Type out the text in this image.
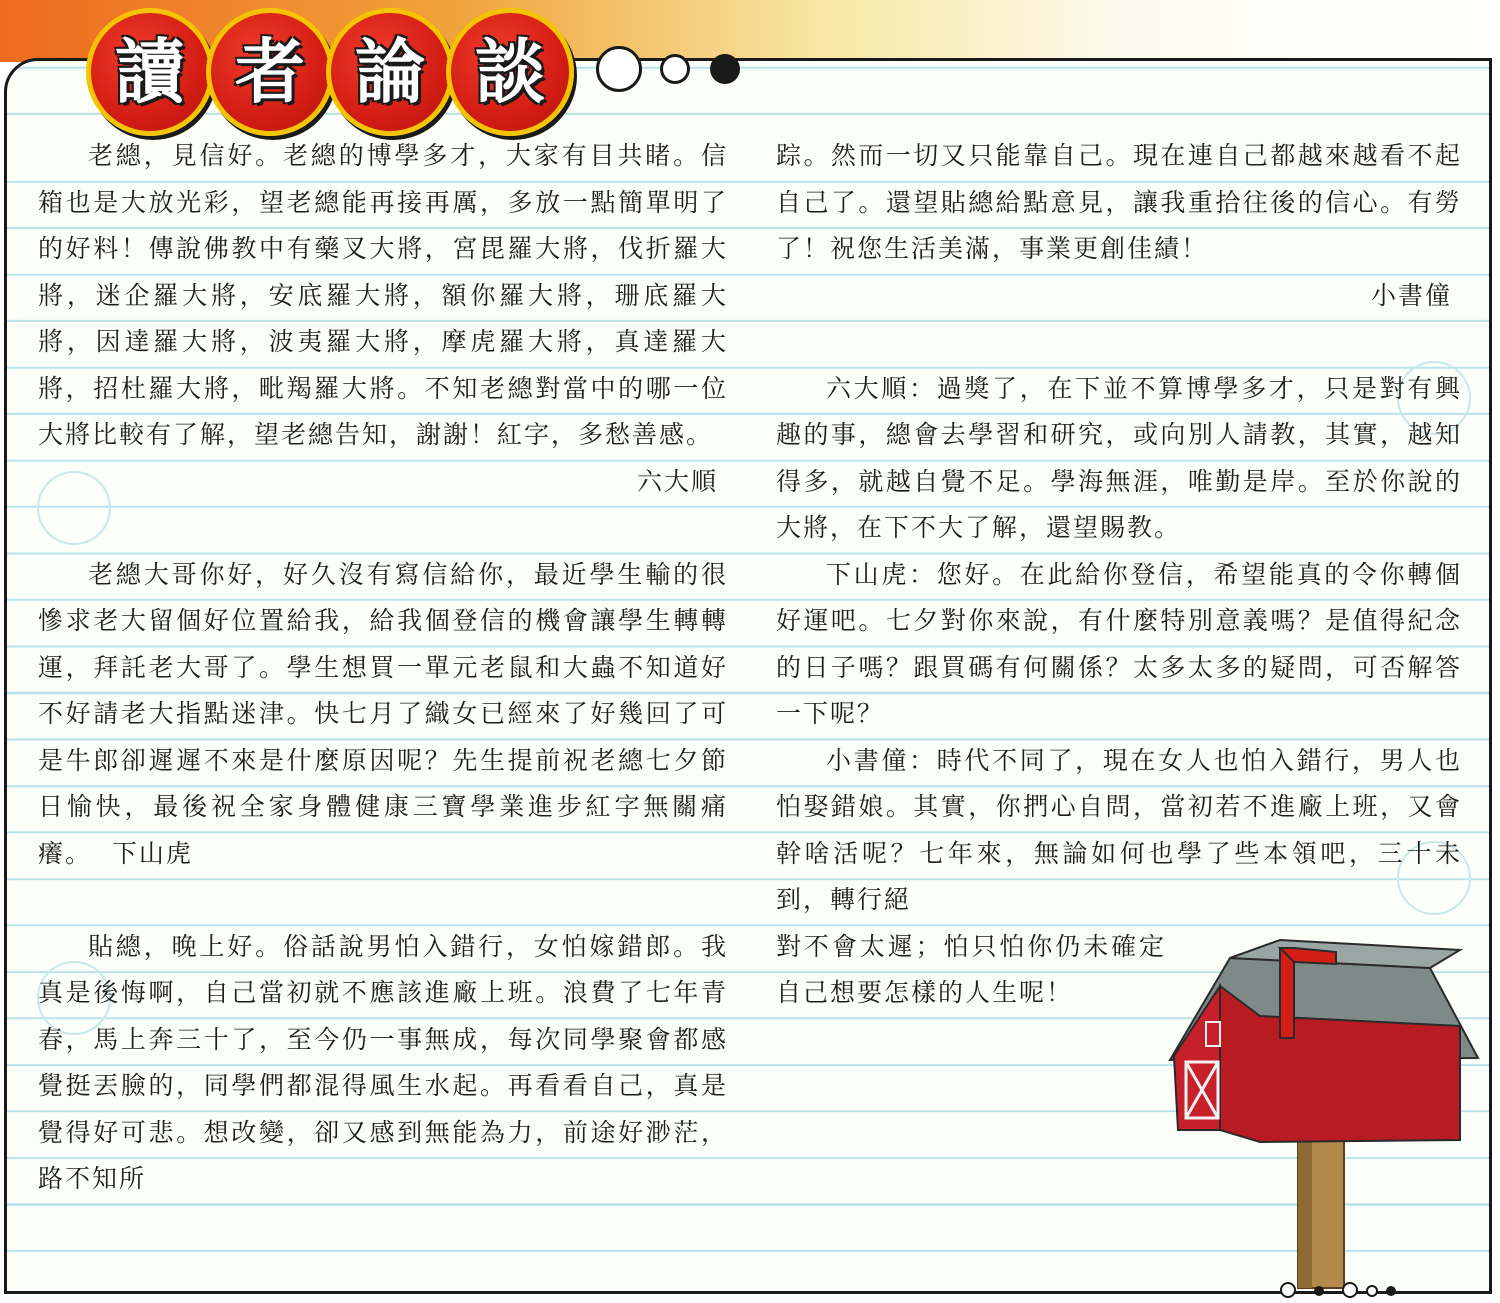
讀 者 論 談

老總，見信好。老總的博學多才，大家有目共睹。信箱也是大放光彩，望老總能再接再厲，多放一點簡單明了的好料！傳說佛教中有藥叉大將，宮毘羅大將，伐折羅大將，迷企羅大將，安底羅大將，額你羅大將，珊底羅大將，因達羅大將，波夷羅大將，摩虎羅大將，真達羅大將，招杜羅大將，毗羯羅大將。不知老總對當中的哪一位大將比較有了解，望老總告知，謝謝！紅字，多愁善感。

六大順

老總大哥你好，好久沒有寫信給你，最近學生輸的很慘求老大留個好位置給我，給我個登信的機會讓學生轉轉運，拜託老大哥了。學生想買一單元老鼠和大蟲不知道好不好請老大指點迷津。快七月了織女已經來了好幾回了可是牛郎卻遲遲不來是什麼原因呢？先生提前祝老總七夕節日愉快，最後祝全家身體健康三寶學業進步紅字無關痛癢。 下山虎

貼總，晚上好。俗話說男怕入錯行，女怕嫁錯郎。我真是後悔啊，自己當初就不應該進廠上班。浪費了七年青春，馬上奔三十了，至今仍一事無成，每次同學聚會都感覺挺丟臉的，同學們都混得風生水起。再看看自己，真是覺得好可悲。想改變，卻又感到無能為力，前途好渺茫，路不知所

踪。然而一切又只能靠自己。現在連自己都越來越看不起自己了。還望貼總給點意見，讓我重拾往後的信心。有勞了！祝您生活美滿，事業更創佳績！

小書僮

六大順：過獎了，在下並不算博學多才，只是對有興趣的事，總會去學習和研究，或向別人請教，其實，越知得多，就越自覺不足。學海無涯，唯勤是岸。至於你說的大將，在下不大了解，還望賜教。

下山虎：您好。在此給你登信，希望能真的令你轉個好運吧。七夕對你來說，有什麼特別意義嗎？是值得紀念的日子嗎？跟買碼有何關係？太多太多的疑問，可否解答一下呢？

小書僮：時代不同了，現在女人也怕入錯行，男人也怕娶錯娘。其實，你捫心自問，當初若不進廠上班，又會幹啥活呢？七年來，無論如何也學了些本領吧，三十未到，轉行絕

對不會太遲；怕只怕你仍未確定自己想要怎樣的人生呢！
